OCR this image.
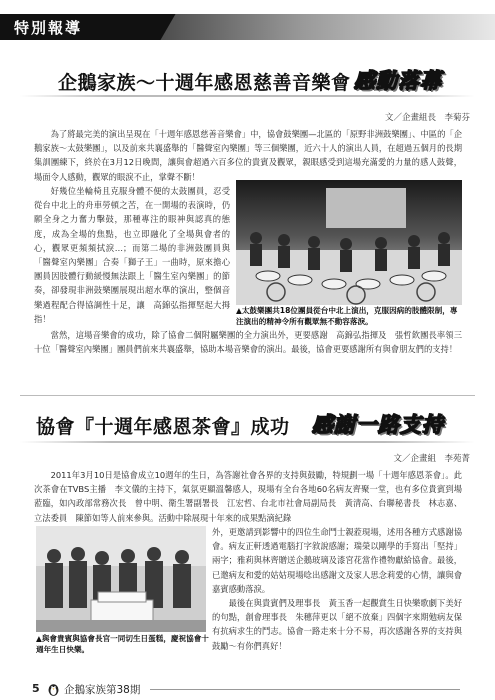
特別報導
企鵝家族～十週年感恩慈善音樂會 感動落幕
文／企畫組長　李菊芬

為了將最完美的演出呈現在「十週年感恩慈善音樂會」中，協會鼓樂團—北區的「原野非洲鼓樂團」、中區的「企鵝家族～太鼓樂團」，以及前來共襄盛舉的「醫聲室內樂團」等三個樂團，近六十人的演出人員，在超過五個月的長期集訓團練下，終於在3月12日晚間，讓與會超過六百多位的貴賓及觀眾，親眼感受到這場充滿愛的力量的感人鼓聲，場面令人感動，觀眾的眼淚不止，掌聲不斷！

好幾位坐輪椅且克服身體不便的太鼓團員，忍受從台中北上的舟車勞頓之苦，在一開場的表演時，仍願全身之力奮力擊鼓，那種專注的眼神與認真的態度，成為全場的焦點，也立即融化了全場與會者的心，觀眾更頻頻拭淚…；而第二場的非洲鼓團員與「醫聲室內樂團」合奏「獅子王」一曲時，原來擔心團員因肢體行動緩慢無法跟上「醫生室內樂團」的節奏，卻發現非洲鼓樂團展現出超水準的演出，整個音樂過程配合得協調性十足，讓　高錦弘指揮堅起大拇指！

▲太鼓樂團共18位團員從台中北上演出，克服因病的肢體限制，專注演出的精神令所有觀眾無不動容落淚。

當然，這場音樂會的成功，除了協會二個附屬樂團的全力演出外，更要感謝　高錦弘指揮及　張哲欽團長率領三十位「醫聲室內樂團」團員們前來共襄盛舉，協助本場音樂會的演出。最後，協會更要感謝所有與會朋友們的支持！

協會『十週年感恩茶會』成功 感謝一路支持
文／企畫組　李苑菁

2011年3月10日是協會成立10週年的生日，為答謝社會各界的支持與鼓勵，特規劃一場「十週年感恩茶會」。此次茶會在TVBS主播　李文儀的主持下，氣氛更顯溫馨感人，現場有全台各地60名病友齊聚一堂，也有多位貴賓到場蒞臨，如內政部常務次長　曾中明、衛生署副署長　江宏哲、台北市社會局副局長　黃清高、台聯秘書長　林志嘉、立法委員　陳節如等人前來參與。活動中除展現十年來的成果點滴紀錄

▲與會貴賓與協會長官一同切生日蛋糕，慶祝協會十週年生日快樂。

外，更邀請到影響中的四位生命鬥士親蒞現場，述用各種方式感謝協會。病友正軒透過電腦打字敘說感謝；瑞榮以剛學的手寫出「堅持」兩字；雅莉與林齊贈送企鵝玻璃及漆宮花當作禮物獻給協會。最後，已邀病友和愛的姑姑現場唸出感謝文及家人思念莉愛的心情，讓與會嘉賓感動落淚。

最後在與貴賓們及理事長　黃玉香一起觀賞生日快樂歌劇下美好的句點，創會理事長　朱穗萍更以「絕不放棄」四個字來期勉病友保有抗病求生的鬥志。協會一路走來十分不易，再次感謝各界的支持與鼓勵～有你們真好！

5 企鵝家族第38期
